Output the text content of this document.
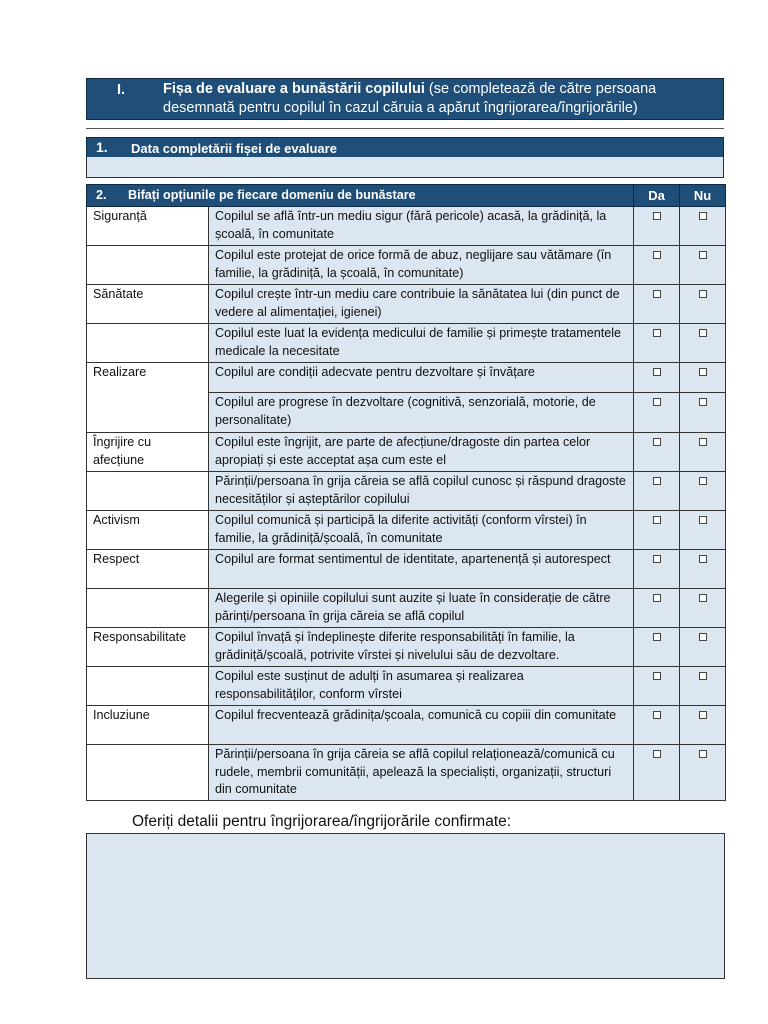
I.	Fișa de evaluare a bunăstării copilului (se completează de către persoana desemnată pentru copilul în cazul căruia a apărut îngrijorarea/îngrijorările)
1. Data completării fișei de evaluare
2. Bifați opțiunile pe fiecare domeniu de bunăstare		Da	Nu
Siguranță	Copilul se află într-un mediu sigur (fără pericole) acasă, la grădiniță, la școală, în comunitate		
	Copilul este protejat de orice formă de abuz, neglijare sau vătămare (în familie, la grădiniță, la școală, în comunitate)		
Sănătate	Copilul crește într-un mediu care contribuie la sănătatea lui (din punct de vedere al alimentației, igienei)		
	Copilul este luat la evidența medicului de familie și primește tratamentele medicale la necesitate		
Realizare	Copilul are condiții adecvate pentru dezvoltare și învățare		
	Copilul are progrese în dezvoltare (cognitivă, senzorială, motorie, de personalitate)		
Îngrijire cu afecțiune	Copilul este îngrijit, are parte de afecțiune/dragoste din partea celor apropiați și este acceptat așa cum este el		
	Părinții/persoana în grija căreia se află copilul cunosc și răspund dragoste necesităților și așteptărilor copilului		
Activism	Copilul comunică și participă la diferite activități (conform vîrstei) în familie, la grădiniță/școală, în comunitate		
Respect	Copilul are format sentimentul de identitate, apartenență și autorespect		
	Alegerile și opiniile copilului sunt auzite și luate în considerație de către părinți/persoana în grija căreia se află copilul		
Responsabilitate	Copilul învață și îndeplinește diferite responsabilități în familie, la grădiniță/școală, potrivite vîrstei și nivelului său de dezvoltare.		
	Copilul este susținut de adulți în asumarea și realizarea responsabilităților, conform vîrstei		
Incluziune	Copilul frecventează grădinița/școala, comunică cu copiii din comunitate		
	Părinții/persoana în grija căreia se află copilul relaționează/comunică cu rudele, membrii comunității, apelează la specialiști, organizații, structuri din comunitate		
Oferiți detalii pentru îngrijorarea/îngrijorările confirmate:
